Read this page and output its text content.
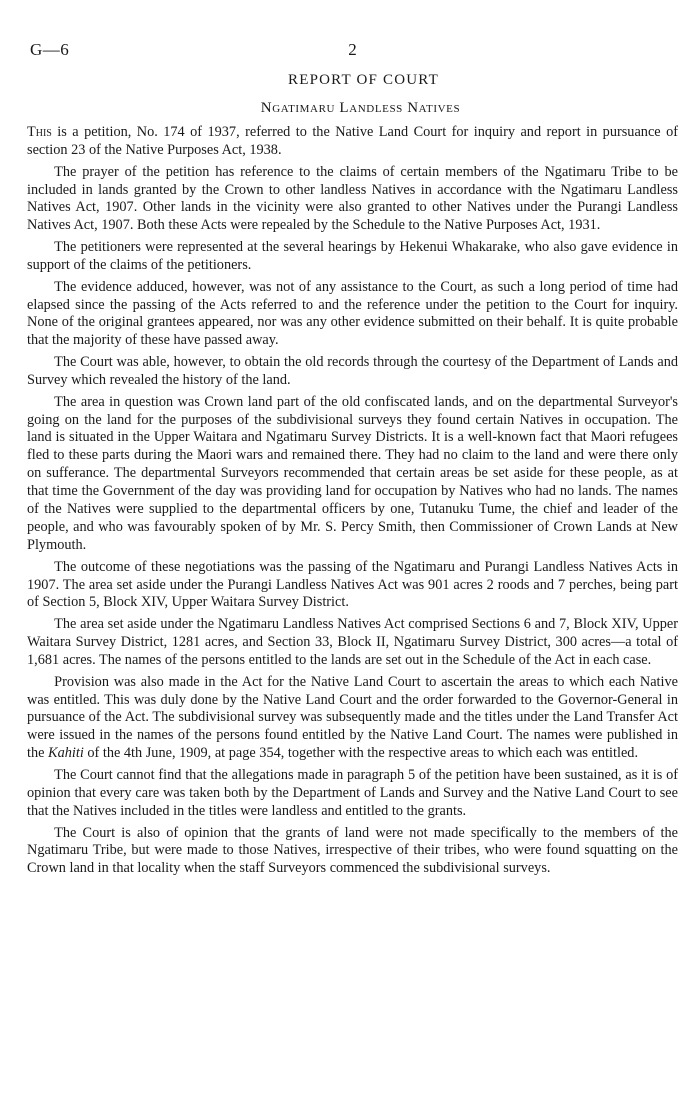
G—6	2
REPORT OF COURT
Ngatimaru Landless Natives

This is a petition, No. 174 of 1937, referred to the Native Land Court for inquiry and report in pursuance of section 23 of the Native Purposes Act, 1938.

The prayer of the petition has reference to the claims of certain members of the Ngatimaru Tribe to be included in lands granted by the Crown to other landless Natives in accordance with the Ngatimaru Landless Natives Act, 1907. Other lands in the vicinity were also granted to other Natives under the Purangi Landless Natives Act, 1907. Both these Acts were repealed by the Schedule to the Native Purposes Act, 1931.

The petitioners were represented at the several hearings by Hekenui Whakarake, who also gave evidence in support of the claims of the petitioners.

The evidence adduced, however, was not of any assistance to the Court, as such a long period of time had elapsed since the passing of the Acts referred to and the reference under the petition to the Court for inquiry. None of the original grantees appeared, nor was any other evidence submitted on their behalf. It is quite probable that the majority of these have passed away.

The Court was able, however, to obtain the old records through the courtesy of the Department of Lands and Survey which revealed the history of the land.

The area in question was Crown land part of the old confiscated lands, and on the departmental Surveyor's going on the land for the purposes of the subdivisional surveys they found certain Natives in occupation. The land is situated in the Upper Waitara and Ngatimaru Survey Districts. It is a well-known fact that Maori refugees fled to these parts during the Maori wars and remained there. They had no claim to the land and were there only on sufferance. The departmental Surveyors recommended that certain areas be set aside for these people, as at that time the Government of the day was providing land for occupation by Natives who had no lands. The names of the Natives were supplied to the departmental officers by one, Tutanuku Tume, the chief and leader of the people, and who was favourably spoken of by Mr. S. Percy Smith, then Commissioner of Crown Lands at New Plymouth.

The outcome of these negotiations was the passing of the Ngatimaru and Purangi Landless Natives Acts in 1907. The area set aside under the Purangi Landless Natives Act was 901 acres 2 roods and 7 perches, being part of Section 5, Block XIV, Upper Waitara Survey District.

The area set aside under the Ngatimaru Landless Natives Act comprised Sections 6 and 7, Block XIV, Upper Waitara Survey District, 1281 acres, and Section 33, Block II, Ngatimaru Survey District, 300 acres—a total of 1,681 acres. The names of the persons entitled to the lands are set out in the Schedule of the Act in each case.

Provision was also made in the Act for the Native Land Court to ascertain the areas to which each Native was entitled. This was duly done by the Native Land Court and the order forwarded to the Governor-General in pursuance of the Act. The subdivisional survey was subsequently made and the titles under the Land Transfer Act were issued in the names of the persons found entitled by the Native Land Court. The names were published in the Kahiti of the 4th June, 1909, at page 354, together with the respective areas to which each was entitled.

The Court cannot find that the allegations made in paragraph 5 of the petition have been sustained, as it is of opinion that every care was taken both by the Department of Lands and Survey and the Native Land Court to see that the Natives included in the titles were landless and entitled to the grants.

The Court is also of opinion that the grants of land were not made specifically to the members of the Ngatimaru Tribe, but were made to those Natives, irrespective of their tribes, who were found squatting on the Crown land in that locality when the staff Surveyors commenced the subdivisional surveys.
